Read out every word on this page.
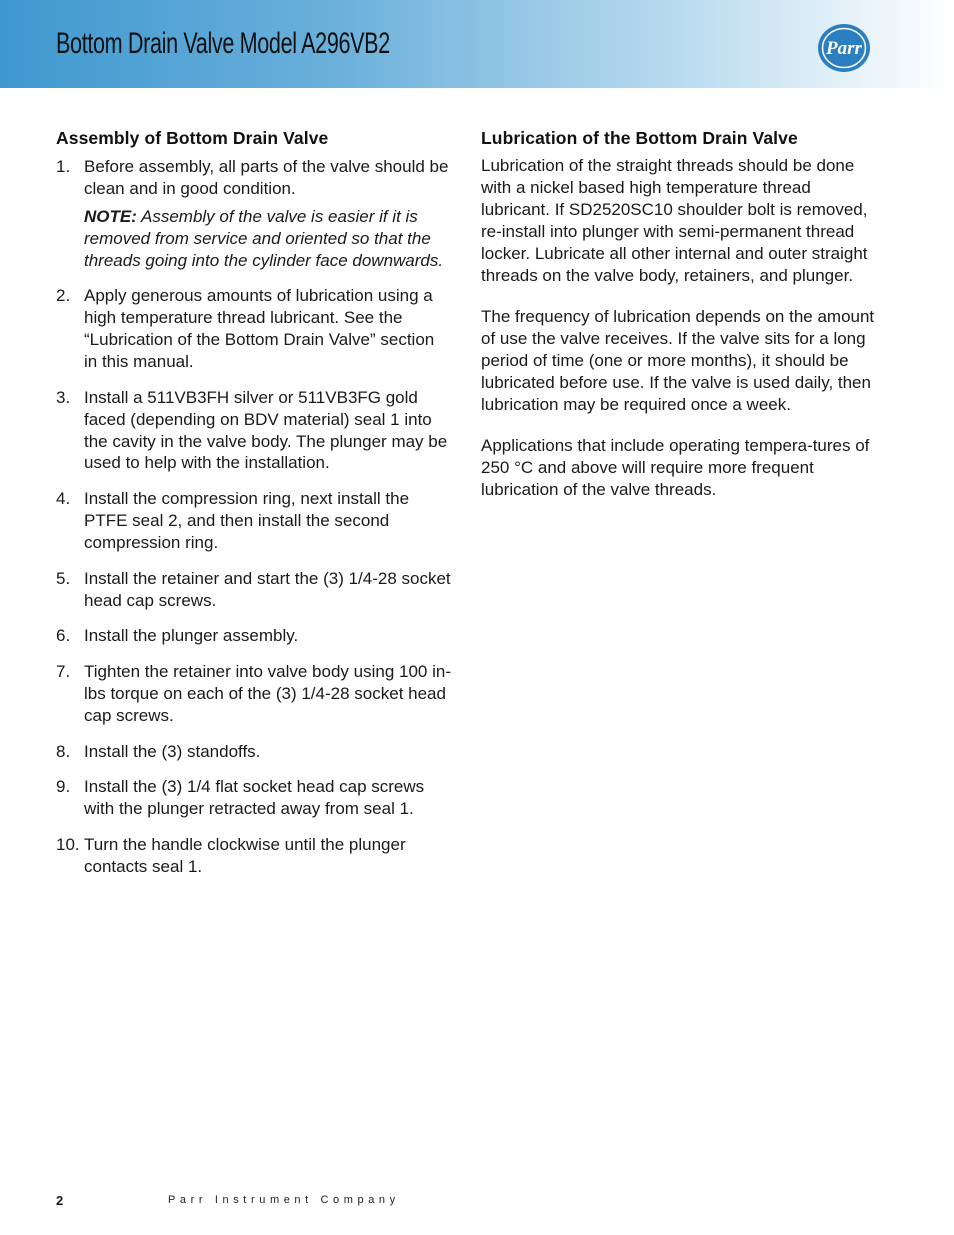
Bottom Drain Valve Model A296VB2	Parr
Assembly of Bottom Drain Valve
1. Before assembly, all parts of the valve should be clean and in good condition.

NOTE: Assembly of the valve is easier if it is removed from service and oriented so that the threads going into the cylinder face downwards.

2. Apply generous amounts of lubrication using a high temperature thread lubricant. See the “Lubrication of the Bottom Drain Valve” section in this manual.

3. Install a 511VB3FH silver or 511VB3FG gold faced (depending on BDV material) seal 1 into the cavity in the valve body. The plunger may be used to help with the installation.

4. Install the compression ring, next install the PTFE seal 2, and then install the second compression ring.

5. Install the retainer and start the (3) 1/4-28 socket head cap screws.

6. Install the plunger assembly.

7. Tighten the retainer into valve body using 100 in-lbs torque on each of the (3) 1/4-28 socket head cap screws.

8. Install the (3) standoffs.

9. Install the (3) 1/4 flat socket head cap screws with the plunger retracted away from seal 1.

10. Turn the handle clockwise until the plunger contacts seal 1.

Lubrication of the Bottom Drain Valve

Lubrication of the straight threads should be done with a nickel based high temperature thread lubricant. If SD2520SC10 shoulder bolt is removed, re-install into plunger with semi-permanent thread locker. Lubricate all other internal and outer straight threads on the valve body, retainers, and plunger.

The frequency of lubrication depends on the amount of use the valve receives. If the valve sits for a long period of time (one or more months), it should be lubricated before use. If the valve is used daily, then lubrication may be required once a week.

Applications that include operating tempera-tures of 250 °C and above will require more frequent lubrication of the valve threads.

2	Parr Instrument Company
